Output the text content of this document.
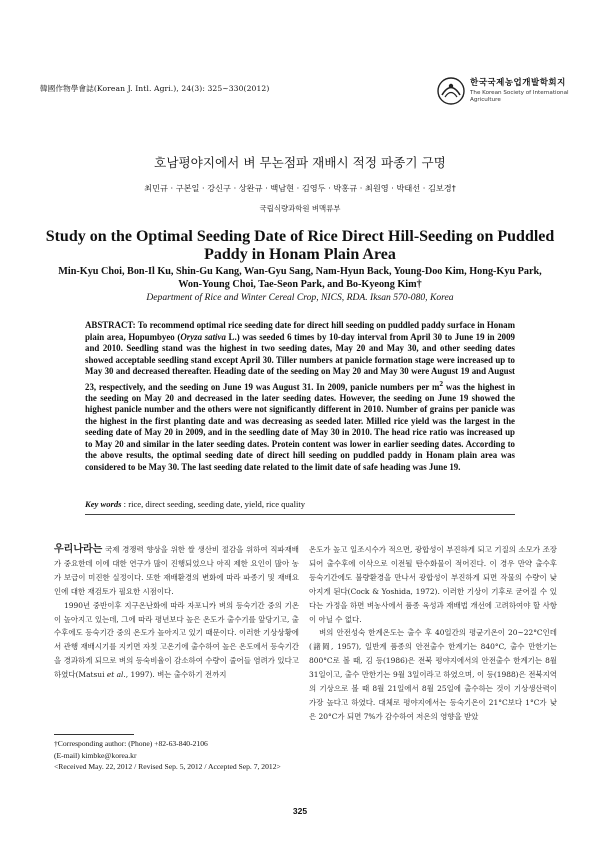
韓國作物學會誌(Korean J. Intl. Agri.), 24(3): 325~330(2012)
한국국제농업개발학회지
The Korean Society of International
Agriculture
호남평야지에서 벼 무논점파 재배시 적정 파종기 구명
최민규 · 구본일 · 강신구 · 상완규 · 백남현 · 김영두 · 박홍규 · 최원영 · 박태선 · 김보경†
국립식량과학원 벼맥류부
Study on the Optimal Seeding Date of Rice Direct Hill-Seeding on Puddled Paddy in Honam Plain Area
Min-Kyu Choi, Bon-Il Ku, Shin-Gu Kang, Wan-Gyu Sang, Nam-Hyun Back, Young-Doo Kim, Hong-Kyu Park,
Won-Young Choi, Tae-Seon Park, and Bo-Kyeong Kim†
Department of Rice and Winter Cereal Crop, NICS, RDA. Iksan 570-080, Korea
ABSTRACT: To recommend optimal rice seeding date for direct hill seeding on puddled paddy surface in Honam plain area, Hopumbyeo (Oryza sativa L.) was seeded 6 times by 10-day interval from April 30 to June 19 in 2009 and 2010. Seedling stand was the highest in two seeding dates, May 20 and May 30, and other seeding dates showed acceptable seedling stand except April 30. Tiller numbers at panicle formation stage were increased up to May 30 and decreased thereafter. Heading date of the seeding on May 20 and May 30 were August 19 and August 23, respectively, and the seeding on June 19 was August 31. In 2009, panicle numbers per $m^2$ was the highest in the seeding on May 20 and decreased in the later seeding dates. However, the seeding on June 19 showed the highest panicle number and the others were not significantly different in 2010. Number of grains per panicle was the highest in the first planting date and was decreasing as seeded later. Milled rice yield was the largest in the seeding date of May 20 in 2009, and in the seedling date of May 30 in 2010. The head rice ratio was increased up to May 20 and similar in the later seeding dates. Protein content was lower in earlier seeding dates. According to the above results, the optimal seeding date of direct hill seeding on puddled paddy in Honam plain area was considered to be May 30. The last seeding date related to the limit date of safe heading was June 19.
Key words : rice, direct seeding, seeding date, yield, rice quality

우리나라는 국제 경쟁력 향상을 위한 쌀 생산비 절감을 위하여 직파재배가 중요한데 이에 대한 연구가 많이 진행되었으나 아직 제한 요인이 많아 농가 보급이 미진한 실정이다. 또한 재배환경의 변화에 따라 파종기 및 재배요인에 대한 재검토가 필요한 시점이다.

1990년 중반이후 지구온난화에 따라 자포니카 벼의 등숙기간 중의 기온이 높아지고 있는데, 그에 따라 평년보다 높은 온도가 출수기를 앞당기고, 출수후에도 등숙기간 중의 온도가 높아지고 있기 때문이다. 이러한 기상상황에서 관행 재배시기를 지키면 자칫 고온기에 출수하여 높은 온도에서 등숙기간을 경과하게 되므로 벼의 등숙비율이 감소하여 수량이 줄어들 염려가 있다고 하였다(Matsui et al., 1997). 벼는 출수하기 전까지

온도가 높고 일조시수가 적으면, 광합성이 부진하게 되고 기질의 소모가 조장되어 출수후에 이삭으로 이전될 탄수화물이 적어진다. 이 경우 만약 출수후 등숙기간에도 불량환경을 만나서 광합성이 부진하게 되면 작물의 수량이 낮아지게 된다(Cock & Yoshida, 1972). 이러한 기상이 기후로 굳어질 수 있다는 가정을 하면 벼농사에서 품종 육성과 재배법 개선에 고려하여야 할 사항이 아닐 수 없다.

벼의 안전성숙 한계온도는 출수 후 40일간의 평균기온이 20~22°C인데(諸岡, 1957), 일반계 품종의 안전출수 한계기는 840°C, 출수 만한기는 800°C로 볼 때, 김 등(1986)은 전북 평야지에서의 안전출수 한계기는 8월 31일이고, 출수 만한기는 9월 3일이라고 하였으며, 이 등(1988)은 전북지역의 기상으로 볼 때 8월 21일에서 8월 25일에 출수하는 것이 기상생산력이 가장 높다고 하였다. 대체로 평야지에서는 등숙기온이 21°C보다 1°C가 낮은 20°C가 되면 7%가 감수하여 저온의 영향을 받았

†Corresponding author: (Phone) +82-63-840-2106
(E-mail) kimbke@korea.kr
<Received May. 22, 2012 / Revised Sep. 5, 2012 / Accepted Sep. 7, 2012>
325
